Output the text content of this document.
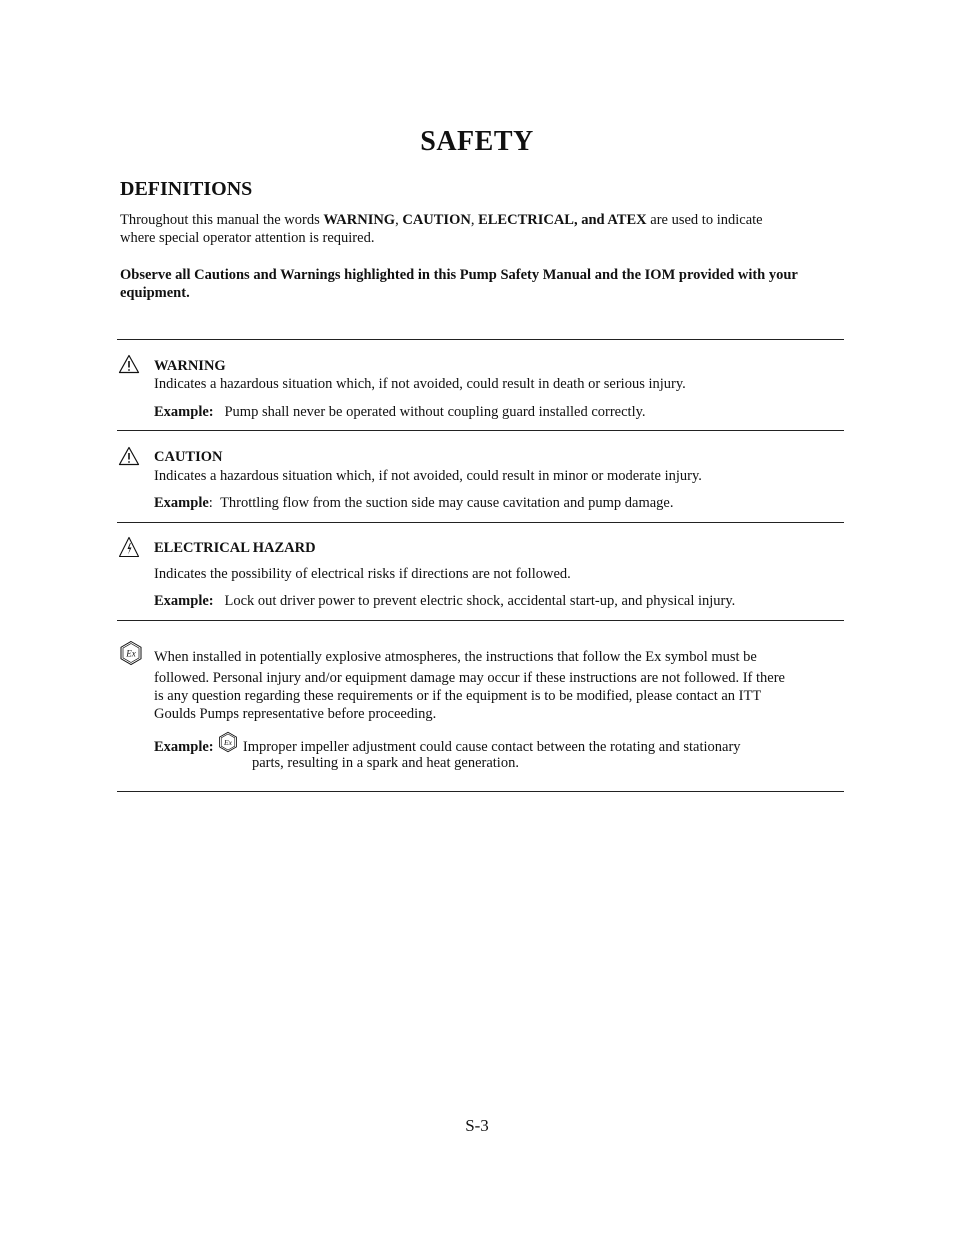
SAFETY
DEFINITIONS

Throughout this manual the words WARNING, CAUTION, ELECTRICAL, and ATEX are used to indicate
where special operator attention is required.

Observe all Cautions and Warnings highlighted in this Pump Safety Manual and the IOM provided with your equipment.

WARNING
Indicates a hazardous situation which, if not avoided, could result in death or serious injury.
Example: Pump shall never be operated without coupling guard installed correctly.
CAUTION
Indicates a hazardous situation which, if not avoided, could result in minor or moderate injury.
Example: Throttling flow from the suction side may cause cavitation and pump damage.
ELECTRICAL HAZARD
Indicates the possibility of electrical risks if directions are not followed.
Example: Lock out driver power to prevent electric shock, accidental start-up, and physical injury.
Ex When installed in potentially explosive atmospheres, the instructions that follow the Ex symbol must be
followed. Personal injury and/or equipment damage may occur if these instructions are not followed. If there
is any question regarding these requirements or if the equipment is to be modified, please contact an ITT
Goulds Pumps representative before proceeding.
Example: Ex Improper impeller adjustment could cause contact between the rotating and stationary
parts, resulting in a spark and heat generation.
S-3
